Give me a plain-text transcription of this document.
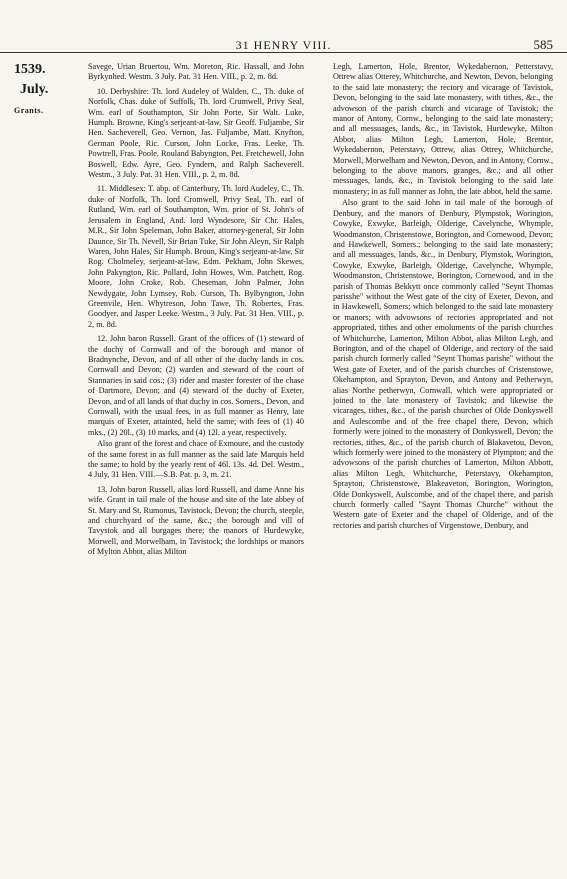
31 HENRY VIII.	585
1539.
July.
Grants.

Savege, Urian Bruertou, Wm. Moreton, Ric. Hassall, and John Byrkynhed. Westm. 3 July. Pat. 31 Hen. VIII., p. 2, m. 8d.

10. Derbyshire: Th. lord Audeley of Walden, C., Th. duke of Norfolk, Chas. duke of Suffolk, Th. lord Crumwell, Privy Seal, Wm. earl of Southampton, Sir John Porte, Sir Walt. Luke, Humph. Browne, King's serjeant-at-law, Sir Geoff. Fuljambe, Sir Hen. Sacheverell, Geo. Vernon, Jas. Fuljambe, Matt. Knyfton, German Poole, Ric. Curson, John Locke, Fras. Leeke, Th. Powtrell, Fras. Poole, Rouland Babyngton, Pet. Fretchewell, John Boswell, Edw. Ayre, Geo. Fyndern, and Ralph Sacheverell. Westm., 3 July. Pat. 31 Hen. VIII., p. 2, m. 8d.

11. Middlesex: T. abp. of Canterbury, Th. lord Audeley, C., Th. duke of Norfolk, Th. lord Cromwell, Privy Seal, Th. earl of Rutland, Wm. earl of Southampton, Wm. prior of St. John's of Jerusalem in England, And. lord Wyndesore, Sir Chr. Hales, M.R., Sir John Speleman, John Baker, attorney-general, Sir John Daunce, Sir Th. Nevell, Sir Brian Tuke, Sir John Aleyn, Sir Ralph Waren, John Hales, Sir Humph. Broun, King's serjeant-at-law, Sir Rog. Cholmeley, serjeant-at-law, Edm. Pekham, John Skewes, John Pakyngton, Ric. Pollard, John Howes, Wm. Patchett, Rog. Moore, John Croke, Rob. Cheseman, John Palmer, John Newdygate, John Lymsey, Rob. Curson, Th. Bylbyngton, John Greenvile, Hen. Whytreson, John Tawe, Th. Robertes, Fras. Goodyer, and Jasper Leeke. Westm., 3 July. Pat. 31 Hen. VIII., p. 2, m. 8d.

12. John baron Russell. Grant of the offices of (1) steward of the duchy of Cornwall and of the borough and manor of Bradnynche, Devon, and of all other of the duchy lands in cos. Cornwall and Devon; (2) warden and steward of the court of Stannaries in said cos.; (3) rider and master forester of the chase of Dartmore, Devon; and (4) steward of the duchy of Exeter, Devon, and of all lands of that duchy in cos. Somers., Devon, and Cornwall, with the usual fees, in as full manner as Henry, late marquis of Exeter, attainted, held the same; with fees of (1) 40 mks., (2) 20l., (3) 10 marks, and (4) 12l. a year, respectively.

Also grant of the forest and chace of Exmoure, and the custody of the same forest in as full manner as the said late Marquis held the same; to hold by the yearly rent of 46l. 13s. 4d. Del. Westm., 4 July, 31 Hen. VIII.—S.B. Pat. p. 3, m. 21.

13. John baron Russell, alias lord Russell, and dame Anne his wife. Grant in tail male of the house and site of the late abbey of St. Mary and St. Rumonus, Tavistock, Devon; the church, steeple, and churchyard of the same, &c.; the borough and vill of Tavystok and all burgages there; the manors of Hurdewyke, Morwell, and Morwelham, in Tavistock; the lordships or manors of Mylton Abbot, alias Milton

Legh, Lamerton, Hole, Brentor, Wykedabernon, Petterstavy, Ottrew alias Otterey, Whitchurche, and Newton, Devon, belonging to the said late monastery; the rectory and vicarage of Tavistok, Devon, belonging to the said late monastery, with tithes, &c., the advowson of the parish church and vicarage of Tavistok; the manor of Antony, Cornw., belonging to the said late monastery; and all messuages, lands, &c., in Tavistok, Hurdewyke, Milton Abbot, alias Milton Legh, Lamerton, Hole, Brentor, Wykedabernon, Peterstavy, Ottrew, alias Ottrey, Whitchurche, Morwell, Morwelham and Newton, Devon, and in Antony, Cornw., belonging to the above manors, granges, &c.; and all other messuages, lands, &c., in Tavistok belonging to the said late monastery; in as full manner as John, the late abbot, held the same.

Also grant to the said John in tail male of the borough of Denbury, and the manors of Denbury, Plympstok, Worington, Cowyke, Exwyke, Barleigh, Olderige, Cavelynche, Whymple, Woodmanston, Christenstowe, Borington, and Cornewood, Devon; and Hawkewell, Somers.; belonging to the said late monastery; and all messuages, lands, &c., in Denbury, Plymstok, Worington, Cowyke, Exwyke, Barleigh, Olderige, Cavelynche, Whymple, Woodmanston, Christenstowe, Borington, Cornewood, and in the parish of Thomas Bekkytt once commonly called "Seynt Thomas parisshe" without the West gate of the city of Exeter, Devon, and in Hawkewell, Somers; which belonged to the said late monastery or manors; with advowsons of rectories appropriated and not appropriated, tithes and other emoluments of the parish churches of Whitchurche, Lamerton, Milton Abbot, alias Milton Legh, and Borington, and of the chapel of Olderige, and rectory of the said parish church formerly called "Seynt Thomas parishe" without the West gate of Exeter, and of the parish churches of Cristenstowe, Okehampton, and Sprayton, Devon, and Antony and Petherwyn, alias Northe petherwyn, Cornwall, which were appropriated or joined to the late monastery of Tavistok; and likewise the vicarages, tithes, &c., of the parish churches of Olde Donkyswell and Aulescombe and of the free chapel there, Devon, which formerly were joined to the monastery of Donkyswell, Devon; the rectories, tithes, &c., of the parish church of Blakavetou, Devon, which formerly were joined to the monastery of Plympton; and the advowsons of the parish churches of Lamerton, Milton Abbott, alias Milton Legh, Whitchurche, Peterstavy, Okehampton, Sprayton, Christenstowe, Blakeaveton, Borington, Worington, Olde Donkyswell, Aulscombe, and of the chapel there, and parish church formerly called "Saynt Thomas Churche" without the Western gate of Exeter and the chapel of Olderige, and of the rectories and parish churches of Virgenstowe, Denbury, and
